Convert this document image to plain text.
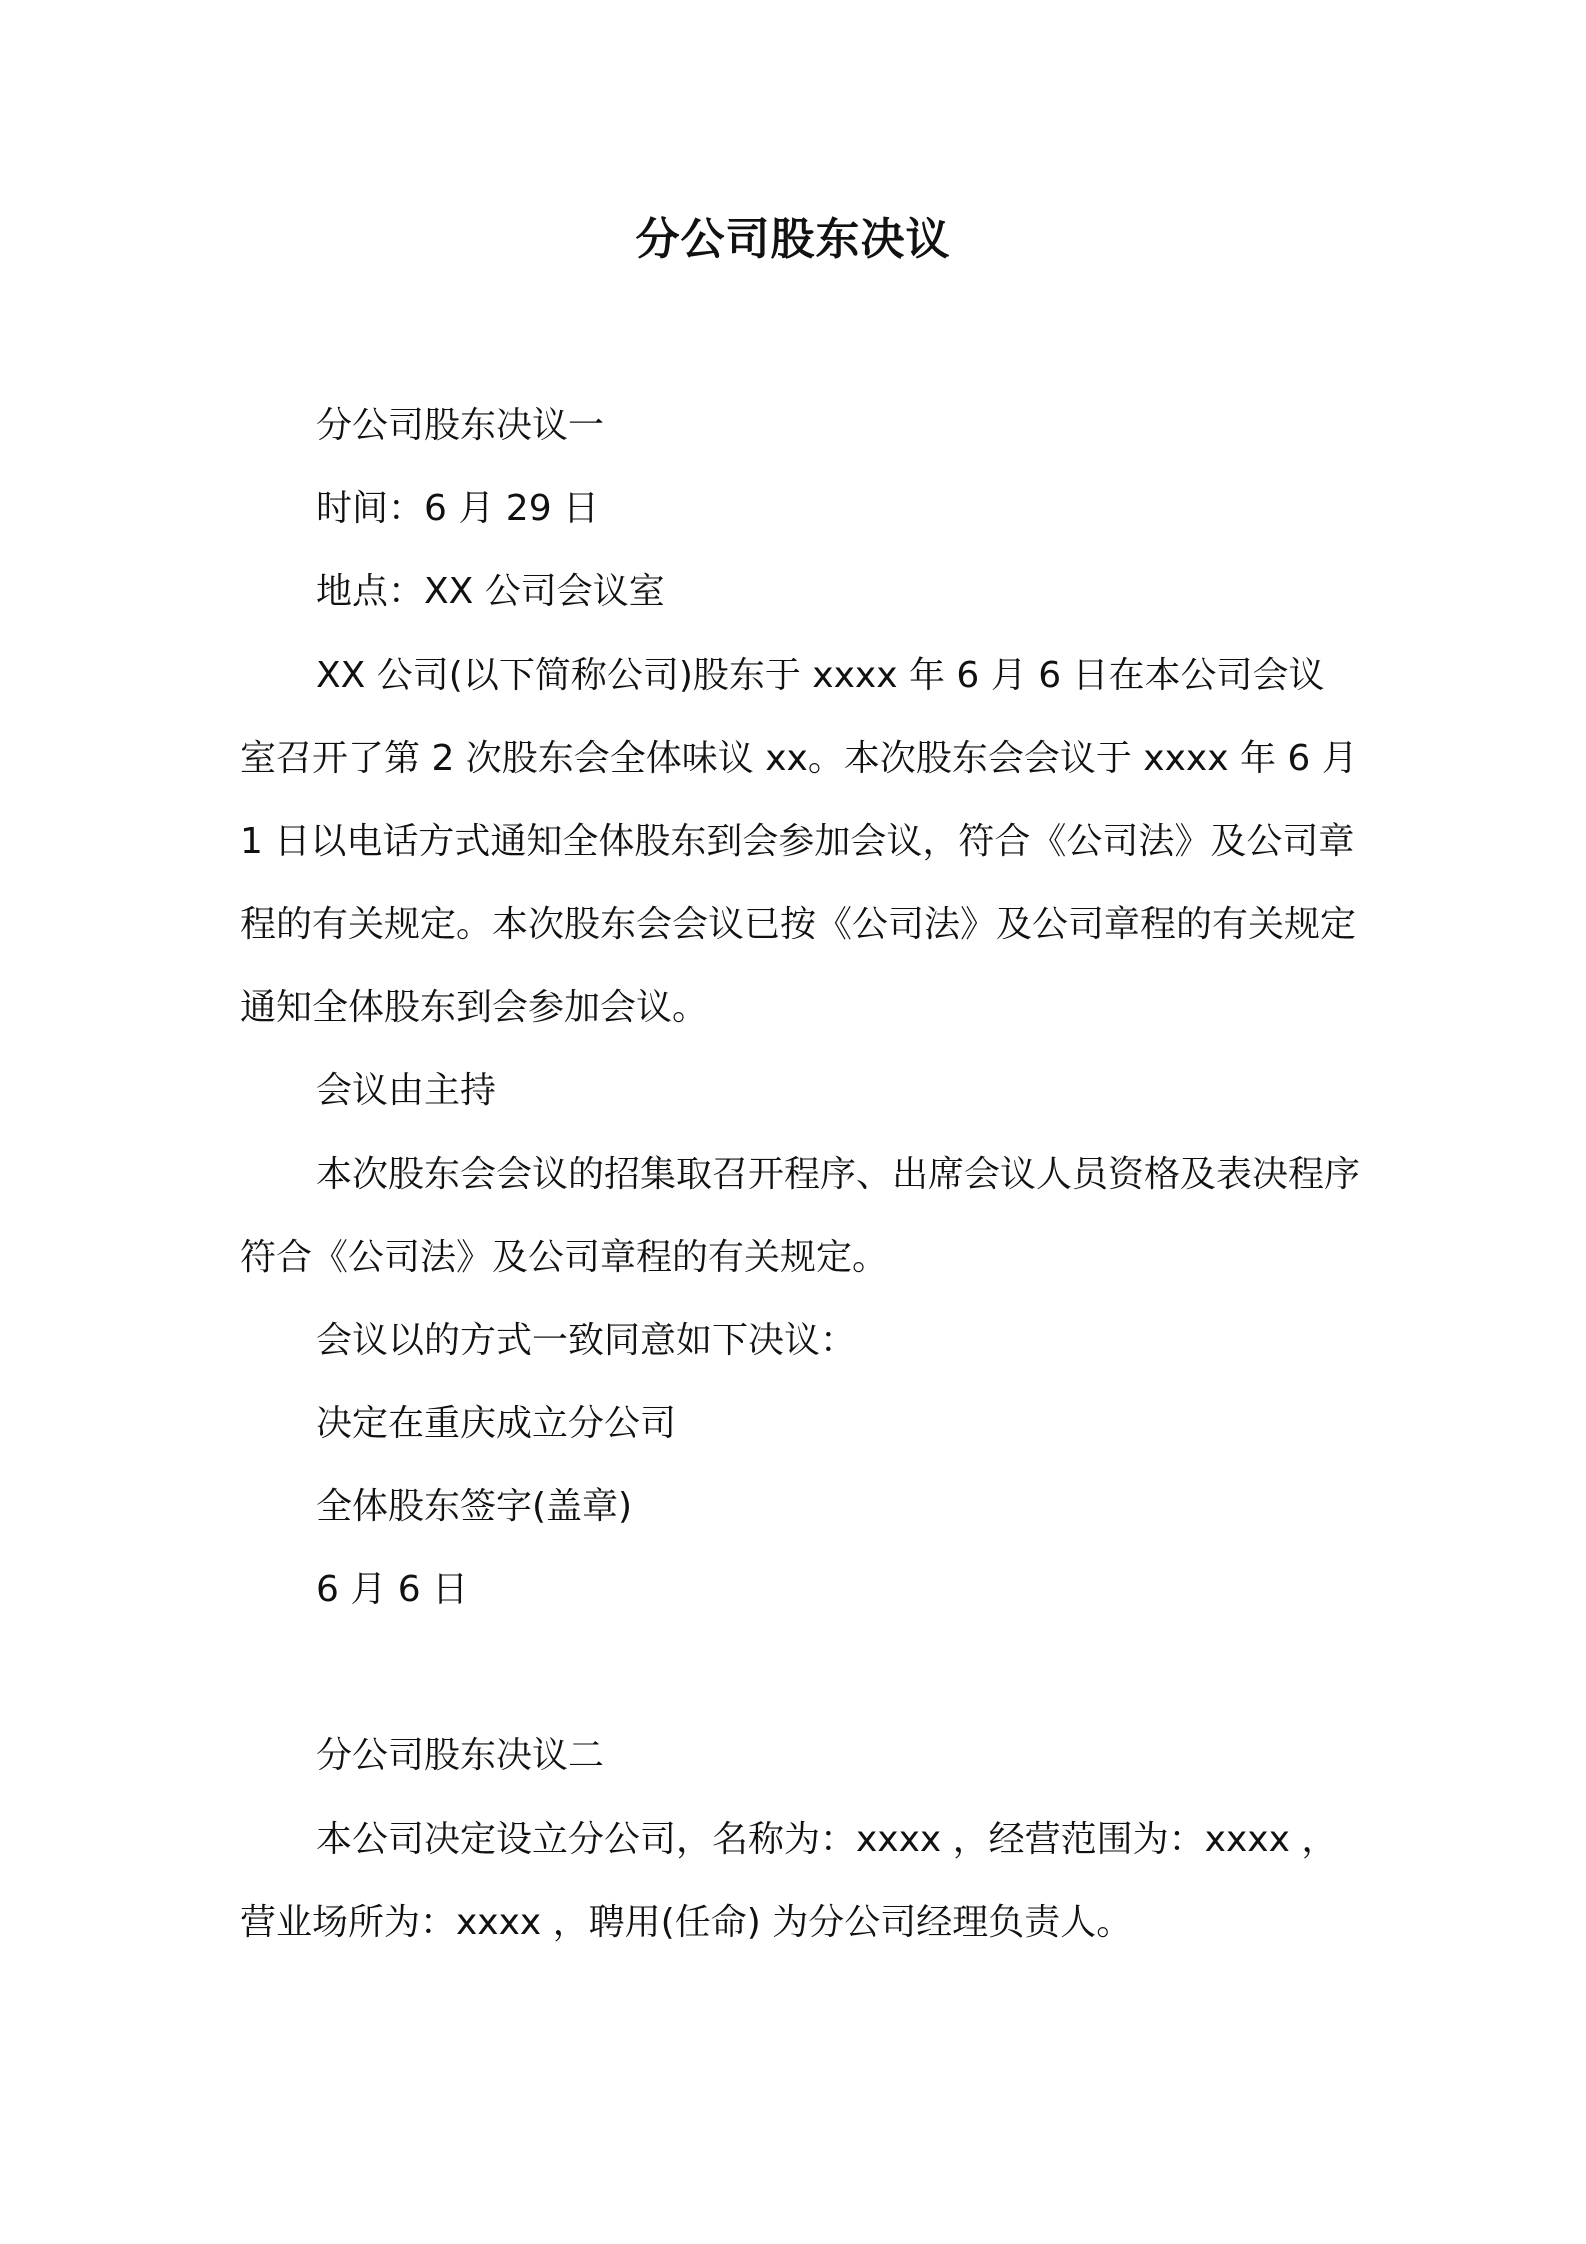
分公司股东决议

分公司股东决议一

时间：6 月 29 日

地点：XX 公司会议室

XX 公司(以下简称公司)股东于 xxxx 年 6 月 6 日在本公司会议室召开了第 2 次股东会全体味议 xx。本次股东会会议于 xxxx 年 6 月 1 日以电话方式通知全体股东到会参加会议，符合《公司法》及公司章程的有关规定。本次股东会会议已按《公司法》及公司章程的有关规定通知全体股东到会参加会议。

会议由主持

本次股东会会议的招集取召开程序、出席会议人员资格及表决程序符合《公司法》及公司章程的有关规定。

会议以的方式一致同意如下决议：

决定在重庆成立分公司

全体股东签字(盖章)

6 月 6 日

分公司股东决议二

本公司决定设立分公司，名称为：xxxx ，经营范围为：xxxx ，营业场所为：xxxx ，聘用(任命) 为分公司经理负责人。
